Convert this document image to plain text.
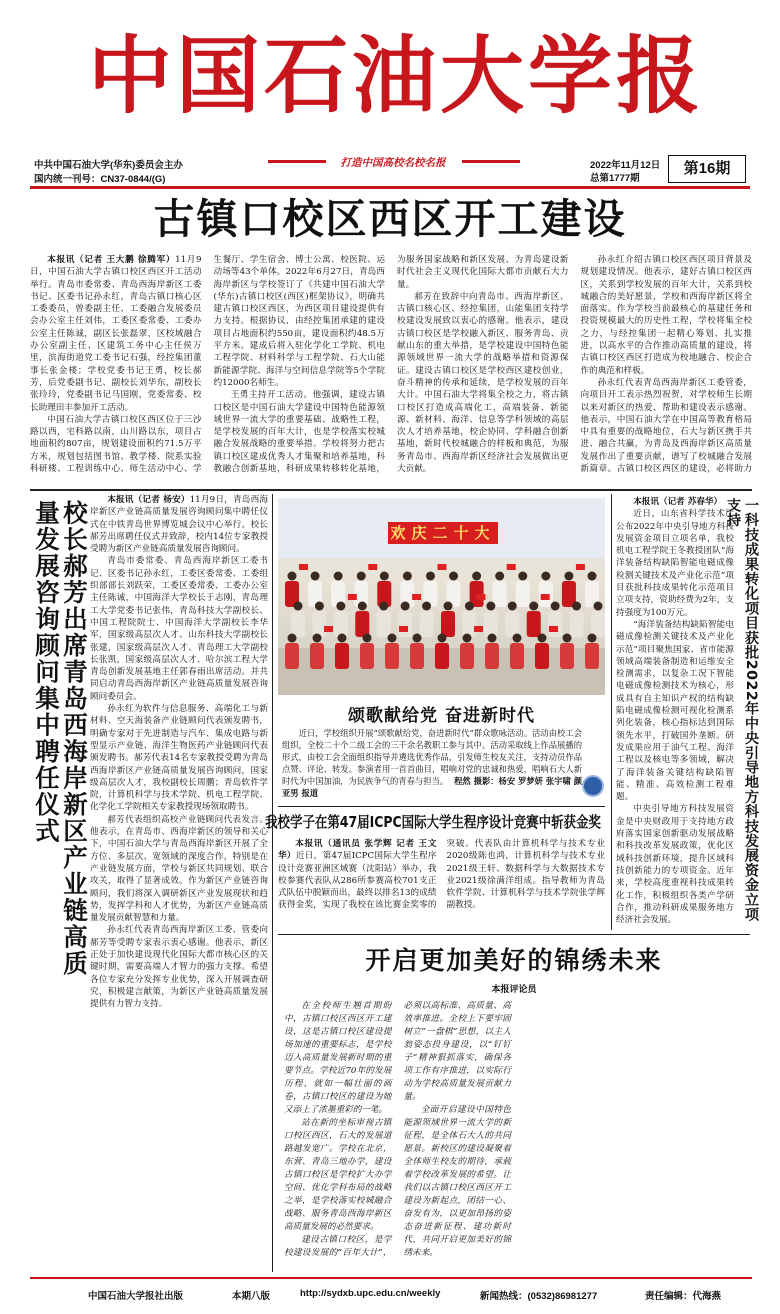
中国石油大学报
中共中国石油大学(华东)委员会主办
国内统一刊号：CN37-0844/(G)
打造中国高校名校名报	2022年11月12日
总第1777期
第16期
古镇口校区西区开工建设

本报讯（记者 王大鹏 徐腾军）11月9日，中国石油大学古镇口校区西区开工活动举行。青岛市委常委、青岛西海岸新区工委书记、区委书记孙永红，青岛古镇口核心区工委委员，曾委副主任、工委融合发展委员会办公室主任刘伟，工委区委常委、工委办公室主任陈诚，副区长张磊翠，区校域融合办公室副主任、区建筑工务中心主任侯万里，滨海街道党工委书记石强，经控集团董事长张金楼；学校党委书记王勇，校长郝芳，后党委副书记、副校长刘华东，副校长张玲玲，党委副书记马国刚，党委常委、校长助理田丰参加开工活动。

中国石油大学古镇口校区西区位于三沙路以西，宅科路以南，山川路以东，项目占地面积约807亩，规划建设面积约71.5万平方米，规划包括图书馆、教学楼、院系实验科研楼、工程训练中心、师生活动中心、学生餐厅、学生宿舍、博士公寓、校医院、运动场等43个单体。2022年6月27日，青岛西海岸新区与学校签订了《共建中国石油大学(华东)古镇口校区(西区)框架协议》，明确共建古镇口校区西区，为西区项目建设提供有力支持。根据协议，由经控集团承建的建设项目占地面积约550亩，建设面积约48.5万平方米。建成后将入驻化学化工学院、机电工程学院、材料科学与工程学院、石大山能新能源学院、海洋与空间信息学院等5个学院约12000名师生。

王勇主持开工活动。他强调，建设古镇口校区是中国石油大学建设中国特色能源领域世界一流大学的重要基础、战略性工程，是学校发展的百年大计，也是学校落实校城融合发展战略的重要举措。学校将努力把古镇口校区建成优秀人才集聚和培养基地，科教融合创新基地，科研成果转移转化基地，为服务国家战略和新区发展、为青岛建设新时代社会主义现代化国际大都市贡献石大力量。

郝芳在致辞中向青岛市、西海岸新区、古镇口核心区、经控集团，山能集团支持学校建设发展致以衷心的感谢。他表示，建设古镇口校区是学校融入新区、服务青岛、贡献山东的重大举措，是学校建设中国特色能源领域世界一流大学的战略举措和资源保证。建设古镇口校区是学校西区建校创业，奋斗精神的传承和延续，是学校发展的百年大计。中国石油大学将集全校之力，将古镇口校区打造成高端化工，高端装备、新能源、新材料、海洋、信息等学科领域的高层次人才培养基地，校企协同、学科融合创新基地，新时代校城融合的样板和典范，为服务青岛市、西海岸新区经济社会发展做出更大贡献。

孙永红介绍古镇口校区西区项目背景及规划建设情况。他表示，建好古镇口校区西区，关系到学校发展的百年大计，关系到校城融合的美好愿景，学校和西海岸新区将全面落实。作为学校当前最核心的基建任务和投资规模最大的历史性工程，学校将集全校之力，与经控集团一起精心筹划、扎实推进，以高水平的合作推动高质量的建设，将古镇口校区西区打造成为校地融合、校企合作的典范和样板。

孙永红代表青岛西海岸新区工委管委，向项目开工表示热烈祝贺，对学校师生长期以来对新区的热爱、帮助和建设表示感谢。他表示，中国石油大学在中国高等教育格局中具有重要的战略地位，石大与新区携手共进、融合共赢，为青岛及西海岸新区高质量发展作出了重要贡献，谱写了校城融合发展新篇章。古镇口校区西区的建设，必将助力

校长郝芳出席青岛西海岸新区产业链高质量发展咨询顾问集中聘任仪式	本报讯（记者 杨安）11月9日，青岛西海岸新区产业链高质量发展咨询顾问集中聘任仪式在中铁青岛世界博览城会议中心举行。校长郝芳出席聘任仪式并致辞，校内14位专家教授受聘为新区产业链高质量发展咨询顾问。

青岛市委常委、青岛西海岸新区工委书记、区委书记孙永红，工委区委常委、工委组织部部长刘跃荣，工委区委常委、工委办公室主任陈诚，中国海洋大学校长于志刚，青岛理工大学党委书记张伟，青岛科技大学副校长、中国工程院院士、中国海洋大学副校长李华军，国家级高层次人才、山东科技大学副校长张建，国家级高层次人才、青岛理工大学副校长张凯，国家级高层次人才、哈尔滨工程大学青岛创新发展基地主任郭春雨出席活动。并共同启动青岛西海岸新区产业链高质量发展咨询顾问委员会。

孙永红为软件与信息服务、高端化工与新材料、空天海装备产业链顾问代表颁发聘书，明确专家对于先进制造与汽车、集成电路与新型显示产业链、海洋生物医药产业链顾问代表颁发聘书。郝芳代表14名专家教授受聘为青岛西海岸新区产业链高质量发展咨询顾问，国家级高层次人才，我校副校长周鹏；青岛软件学院，计算机科学与技术学院、机电工程学院、化学化工学院相关专家教授现场领取聘书。

郝芳代表组织高校产业链顾问代表发言。他表示，在青岛市、西海岸新区的领导和关心下，中国石油大学与青岛西海岸新区开展了全方位、多层次、宽领域的深度合作，特别是在产业链发展方面，学校与新区共同规划、联合攻关，取得了显著成效。作为新区产业链咨询顾问，我们将深入调研新区产业发展现状和趋势，发挥学科和人才优势，为新区产业链高质量发展贡献智慧和力量。

孙永红代表青岛西海岸新区工委、管委向郝芳等受聘专家表示衷心感谢。他表示，新区正处于加快建设现代化国际大都市核心区的关键时期，需要高端人才智力的强力支撑。希望各位专家充分发挥专业优势，深入开展调查研究，积极建言献策，为新区产业链高质量发展提供有力智力支持。

欢庆二十大
颂歌献给党 奋进新时代
近日，学校组织开展“颂歌献给党，奋进新时代”群众歌咏活动。活动由校工会组织，全校二十个二级工会的三千余名教职工参与其中。活动采取线上作品展播的形式，由校工会全面组织指导并遴选优秀作品，引发师生校友关注，支持动员作品点赞、评论、转发。参演者用一首首曲目，唱响对党的忠诚和热爱，唱响石大人新时代为中国加油，为民族争气的青春与担当。 程然 摄影：杨安 罗梦妍 张宇啸 颜亚男 报道
我校学子在第47届ICPC国际大学生程序设计竞赛中斩获金奖

本报讯（通讯员 张学辉 记者 王文华）近日，第47届ICPC国际大学生程序设计竞赛亚洲区域赛（沈阳站）举办，我校参赛代表队从286所参赛高校701支正式队伍中脱颖而出，最终以排名13的成绩获得金奖，实现了我校在该比赛金奖零的突破。代表队由计算机科学与技术专业2020级陈也鸿，计算机科学与技术专业2021级王轩、数据科学与大数据技术专业2021级徐满洋组成。指导教师为青岛软件学院、计算机科学与技术学院张学辉副教授。

本报讯（记者 苏春华）

近日，山东省科学技术厅公布2022年中央引导地方科技发展资金项目立项名单，我校机电工程学院王冬教授团队“海洋装备结构缺陷智能电磁成像检测关键技术及产业化示范”项目获批科技成果转化示范项目立项支持，资助经费为2年，支持强度为100万元。

“海洋装备结构缺陷智能电磁成像检测关键技术及产业化示范”项目聚焦国家、省市能源领域高端装备制造和运维安全检测需求，以复杂工况下智能电磁成像检测技术为核心，形成具有自主知识产权的结构缺陷电磁成像检测可视化检测系列化装备，核心指标达到国际领先水平，打破国外垄断。研发成果应用于油气工程、海洋工程以及核电等多领域，解决了海洋装备关键结构缺陷智能、精准、高效检测工程难题。

中央引导地方科技发展资金是中央财政用于支持地方政府落实国家创新驱动发展战略和科技改革发展政策，优化区域科技创新环境，提升区域科技创新能力的专项资金。近年来，学校高度重视科技成果转化工作，积极组织各类产学研合作，推动科研成果服务地方经济社会发展。	一科技成果转化项目获批2022年中央引导地方科技发展资金立项支持
开启更加美好的锦绣未来
本报评论员

在全校师生翘首期盼中，古镇口校区西区开工建设，这是古镇口校区建设提场加速的重要标志，是学校迈入高质量发展新时期的重要节点。学校近70年的发展历程，就如一幅壮丽的画卷，古镇口校区的建设为她又添上了浓墨重彩的一笔。

站在新的坐标审视古镇口校区西区，石大的发展道路越发宽广。学校在北京，东营、青岛三地办学，建设古镇口校区是学校扩大办学空间、优化学科布局的战略之举，是学校落实校城融合战略、服务青岛西海岸新区高质量发展的必然要求。

建设古镇口校区，是学校建设发展的“百年大计”，必须以高标准、高质量、高效率推进。全校上下要牢固树立“一盘棋”思想，以主人翁姿态投身建设，以“钉钉子”精神狠抓落实，确保各项工作有序推进，以实际行动为学校高质量发展贡献力量。

全面开启建设中国特色能源领域世界一流大学的新征程，是全体石大人的共同愿景。新校区的建设凝聚着全体师生校友的期待，承载着学校改革发展的希望。让我们以古镇口校区西区开工建设为新起点，团结一心、奋发有为，以更加昂扬的姿态奋进新征程、建功新时代，共同开启更加美好的锦绣未来。

中国石油大学报社出版	本期八版	http://sydxb.upc.edu.cn/weekly	新闻热线：(0532)86981277	责任编辑：代海燕
